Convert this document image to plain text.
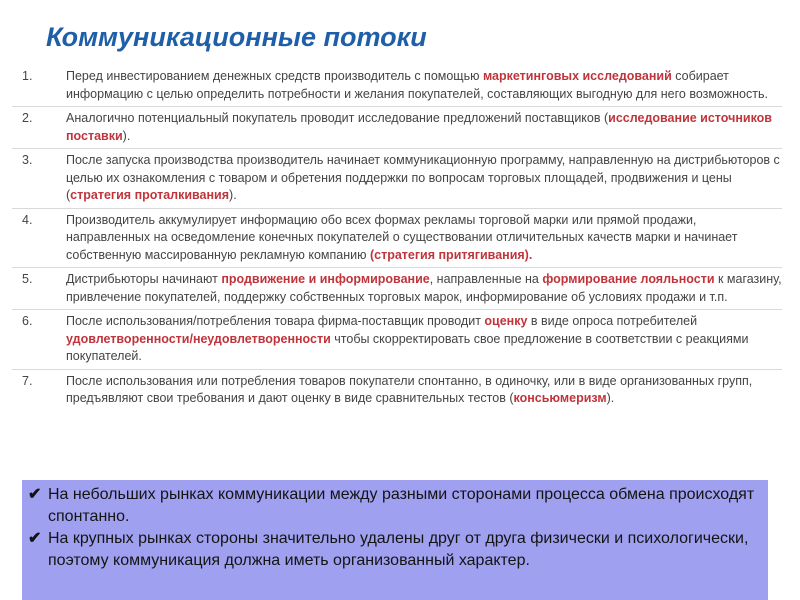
Коммуникационные потоки
1.	Перед инвестированием денежных средств производитель с помощью маркетинговых исследований собирает информацию с целью определить потребности и желания покупателей, составляющих выгодную для него возможность.
2.	Аналогично потенциальный покупатель проводит исследование предложений поставщиков (исследование источников поставки).
3.	После запуска производства производитель начинает коммуникационную программу, направленную на дистрибьюторов с целью их ознакомления с товаром и обретения поддержки по вопросам торговых площадей, продвижения и цены (стратегия проталкивания).
4.	Производитель аккумулирует информацию обо всех формах рекламы торговой марки или прямой продажи, направленных на осведомление конечных покупателей о существовании отличительных качеств марки и начинает собственную массированную рекламную компанию (стратегия притягивания).
5.	Дистрибьюторы начинают продвижение и информирование, направленные на формирование лояльности к магазину, привлечение покупателей, поддержку собственных торговых марок, информирование об условиях продажи и т.п.
6.	После использования/потребления товара фирма-поставщик проводит оценку в виде опроса потребителей удовлетворенности/неудовлетворенности чтобы скорректировать свое предложение в соответствии с реакциями покупателей.
7.	После использования или потребления товаров покупатели спонтанно, в одиночку, или в виде организованных групп, предъявляют свои требования и дают оценку в виде сравнительных тестов (консьюмеризм).
✔ На небольших рынках коммуникации между разными сторонами процесса обмена происходят спонтанно.
✔ На крупных рынках стороны значительно удалены друг от друга физически и психологически, поэтому коммуникация должна иметь организованный характер.
